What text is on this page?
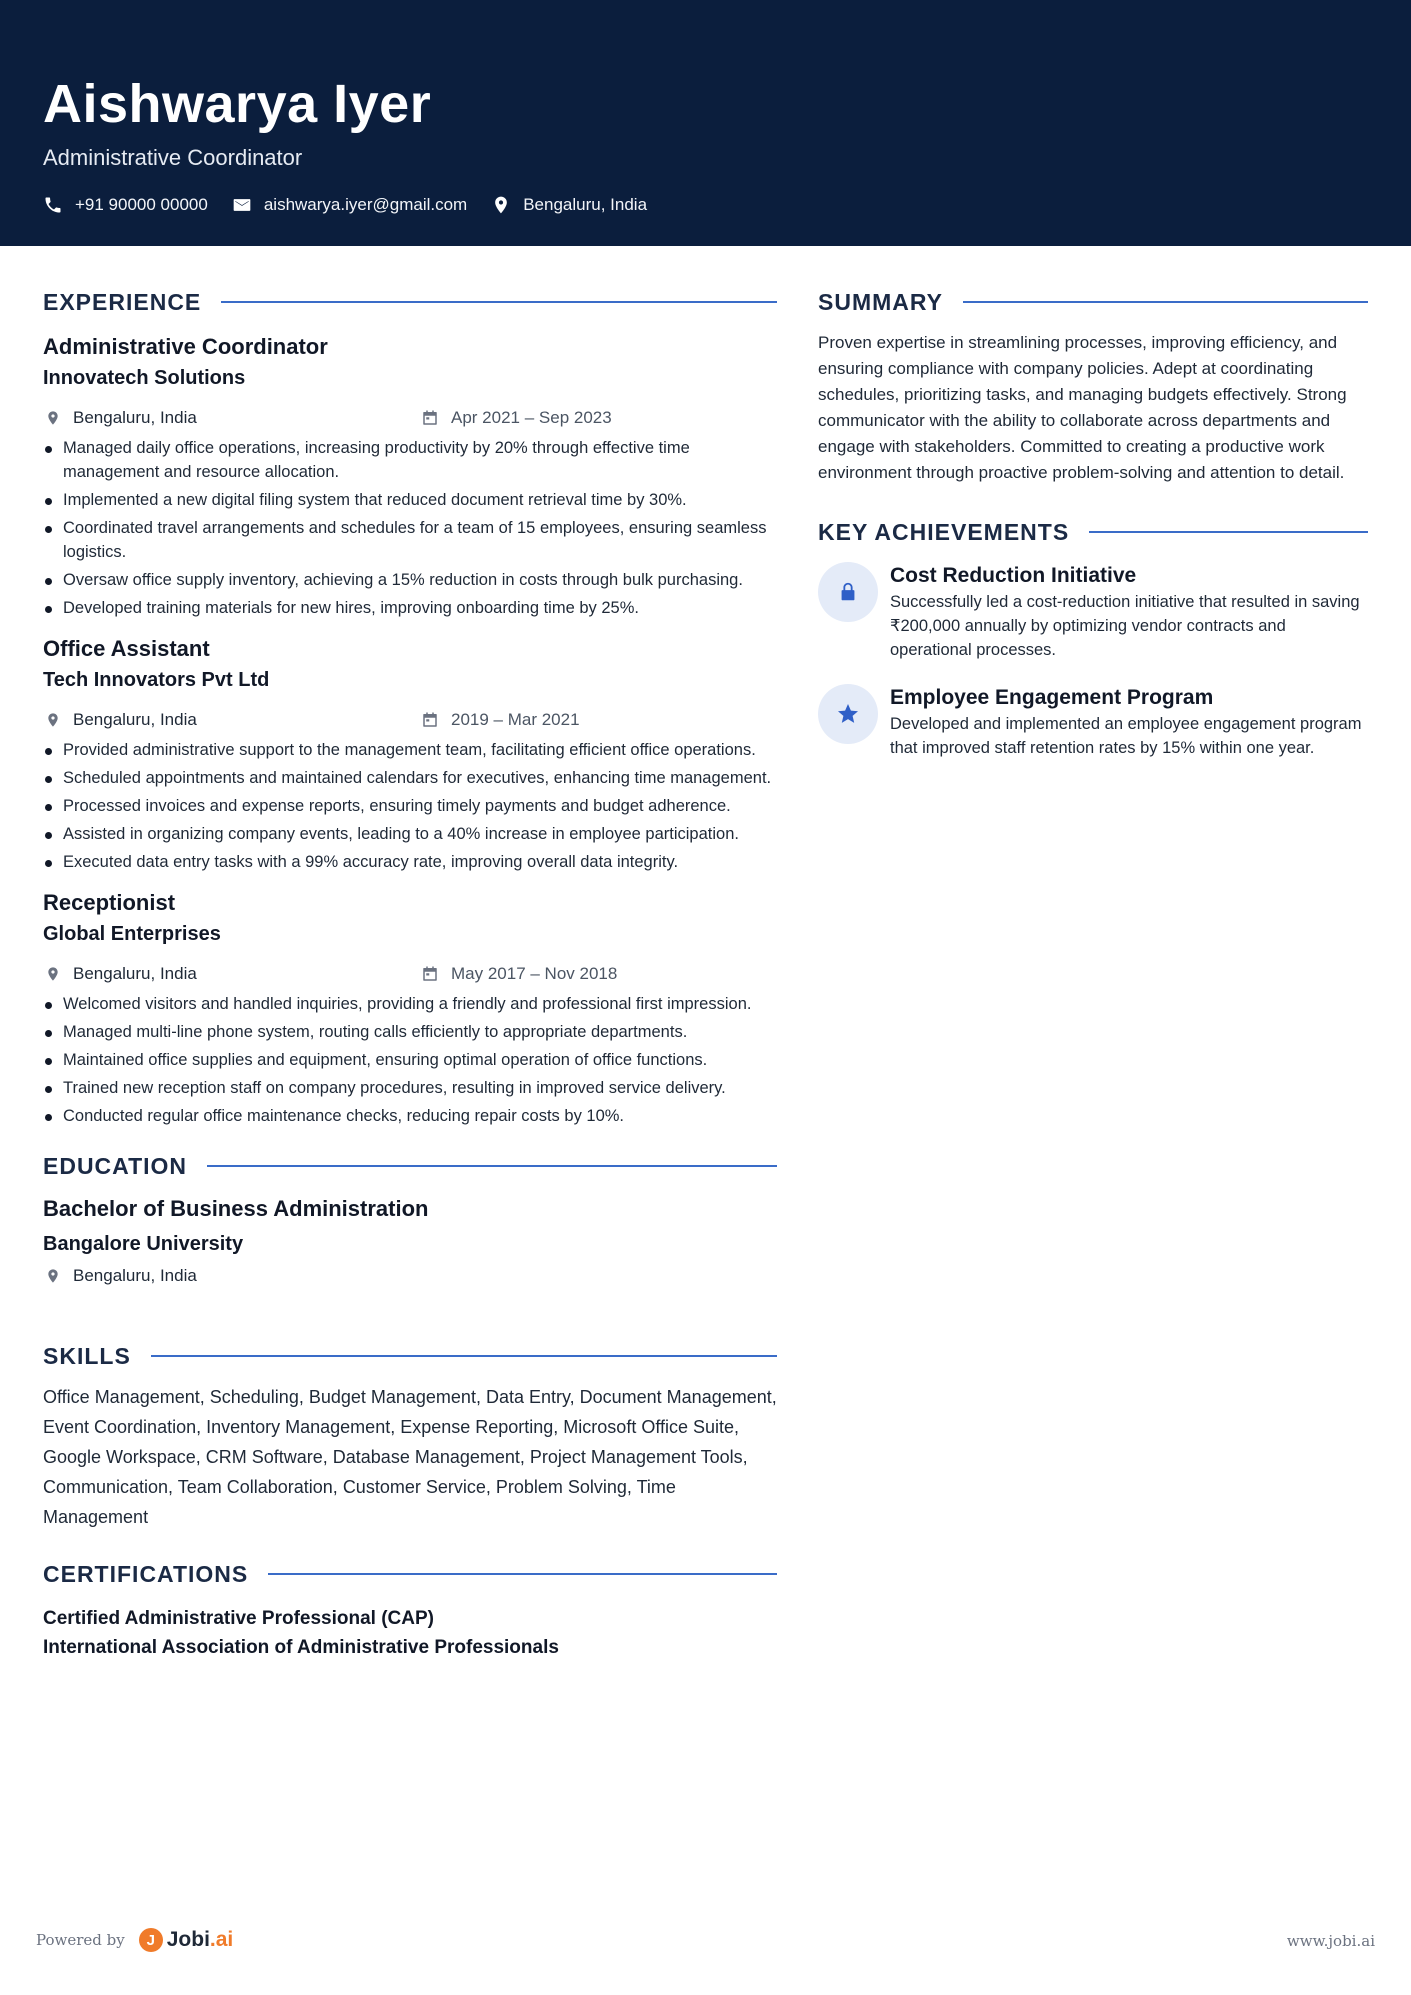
Aishwarya Iyer
Administrative Coordinator
+91 90000 00000	aishwarya.iyer@gmail.com	Bengaluru, India
EXPERIENCE
Administrative Coordinator
Innovatech Solutions
Bengaluru, India	Apr 2021 – Sep 2023
Managed daily office operations, increasing productivity by 20% through effective time management and resource allocation.
Implemented a new digital filing system that reduced document retrieval time by 30%.
Coordinated travel arrangements and schedules for a team of 15 employees, ensuring seamless logistics.
Oversaw office supply inventory, achieving a 15% reduction in costs through bulk purchasing.
Developed training materials for new hires, improving onboarding time by 25%.
Office Assistant
Tech Innovators Pvt Ltd
Bengaluru, India	2019 – Mar 2021
Provided administrative support to the management team, facilitating efficient office operations.
Scheduled appointments and maintained calendars for executives, enhancing time management.
Processed invoices and expense reports, ensuring timely payments and budget adherence.
Assisted in organizing company events, leading to a 40% increase in employee participation.
Executed data entry tasks with a 99% accuracy rate, improving overall data integrity.
Receptionist
Global Enterprises
Bengaluru, India	May 2017 – Nov 2018
Welcomed visitors and handled inquiries, providing a friendly and professional first impression.
Managed multi-line phone system, routing calls efficiently to appropriate departments.
Maintained office supplies and equipment, ensuring optimal operation of office functions.
Trained new reception staff on company procedures, resulting in improved service delivery.
Conducted regular office maintenance checks, reducing repair costs by 10%.
EDUCATION
Bachelor of Business Administration
Bangalore University
Bengaluru, India
SKILLS
Office Management, Scheduling, Budget Management, Data Entry, Document Management, Event Coordination, Inventory Management, Expense Reporting, Microsoft Office Suite, Google Workspace, CRM Software, Database Management, Project Management Tools, Communication, Team Collaboration, Customer Service, Problem Solving, Time Management
CERTIFICATIONS
Certified Administrative Professional (CAP)
International Association of Administrative Professionals
SUMMARY
Proven expertise in streamlining processes, improving efficiency, and ensuring compliance with company policies. Adept at coordinating schedules, prioritizing tasks, and managing budgets effectively. Strong communicator with the ability to collaborate across departments and engage with stakeholders. Committed to creating a productive work environment through proactive problem-solving and attention to detail.
KEY ACHIEVEMENTS
Cost Reduction Initiative
Successfully led a cost-reduction initiative that resulted in saving ₹200,000 annually by optimizing vendor contracts and operational processes.
Employee Engagement Program
Developed and implemented an employee engagement program that improved staff retention rates by 15% within one year.
Powered by	J Jobi .ai	www.jobi.ai
